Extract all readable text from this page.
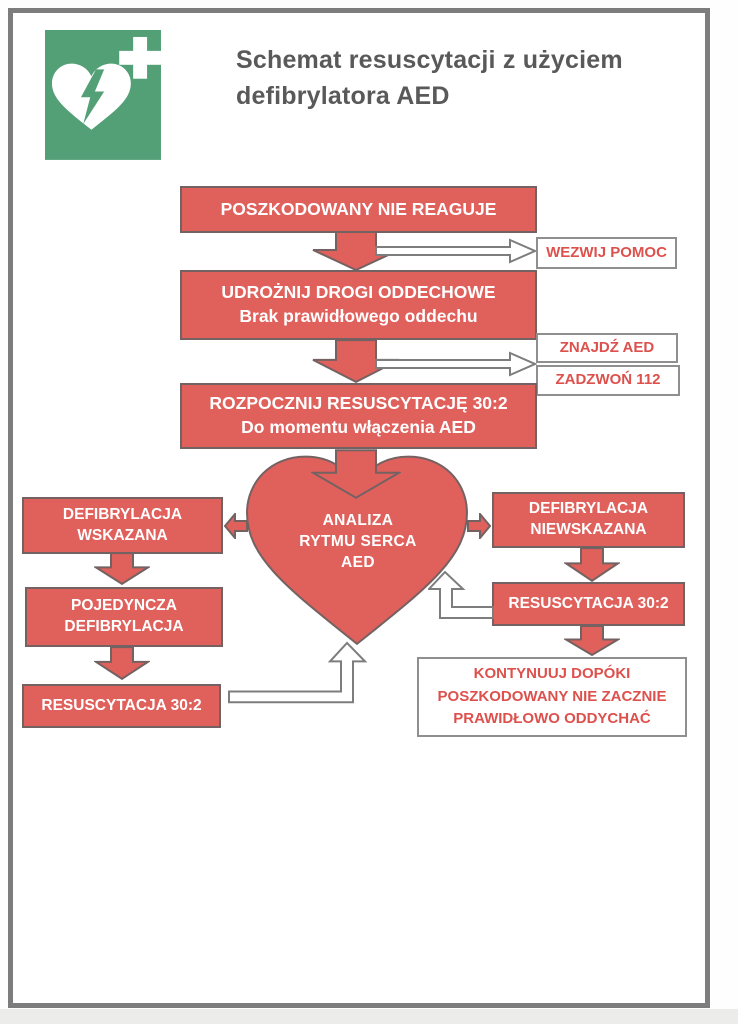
Schemat resuscytacji z użyciem defibrylatora AED
POSZKODOWANY NIE REAGUJE
WEZWIJ POMOC
UDROŻNIJ DROGI ODDECHOWE
Brak prawidłowego oddechu
ZNAJDŹ AED
ZADZWOŃ 112
ROZPOCZNIJ RESUSCYTACJĘ 30:2
Do momentu włączenia AED
ANALIZA
RYTMU SERCA
AED
DEFIBRYLACJA
WSKAZANA
POJEDYNCZA
DEFIBRYLACJA
RESUSCYTACJA 30:2
DEFIBRYLACJA
NIEWSKAZANA
RESUSCYTACJA 30:2
KONTYNUUJ DOPÓKI
POSZKODOWANY NIE ZACZNIE
PRAWIDŁOWO ODDYCHAĆ
